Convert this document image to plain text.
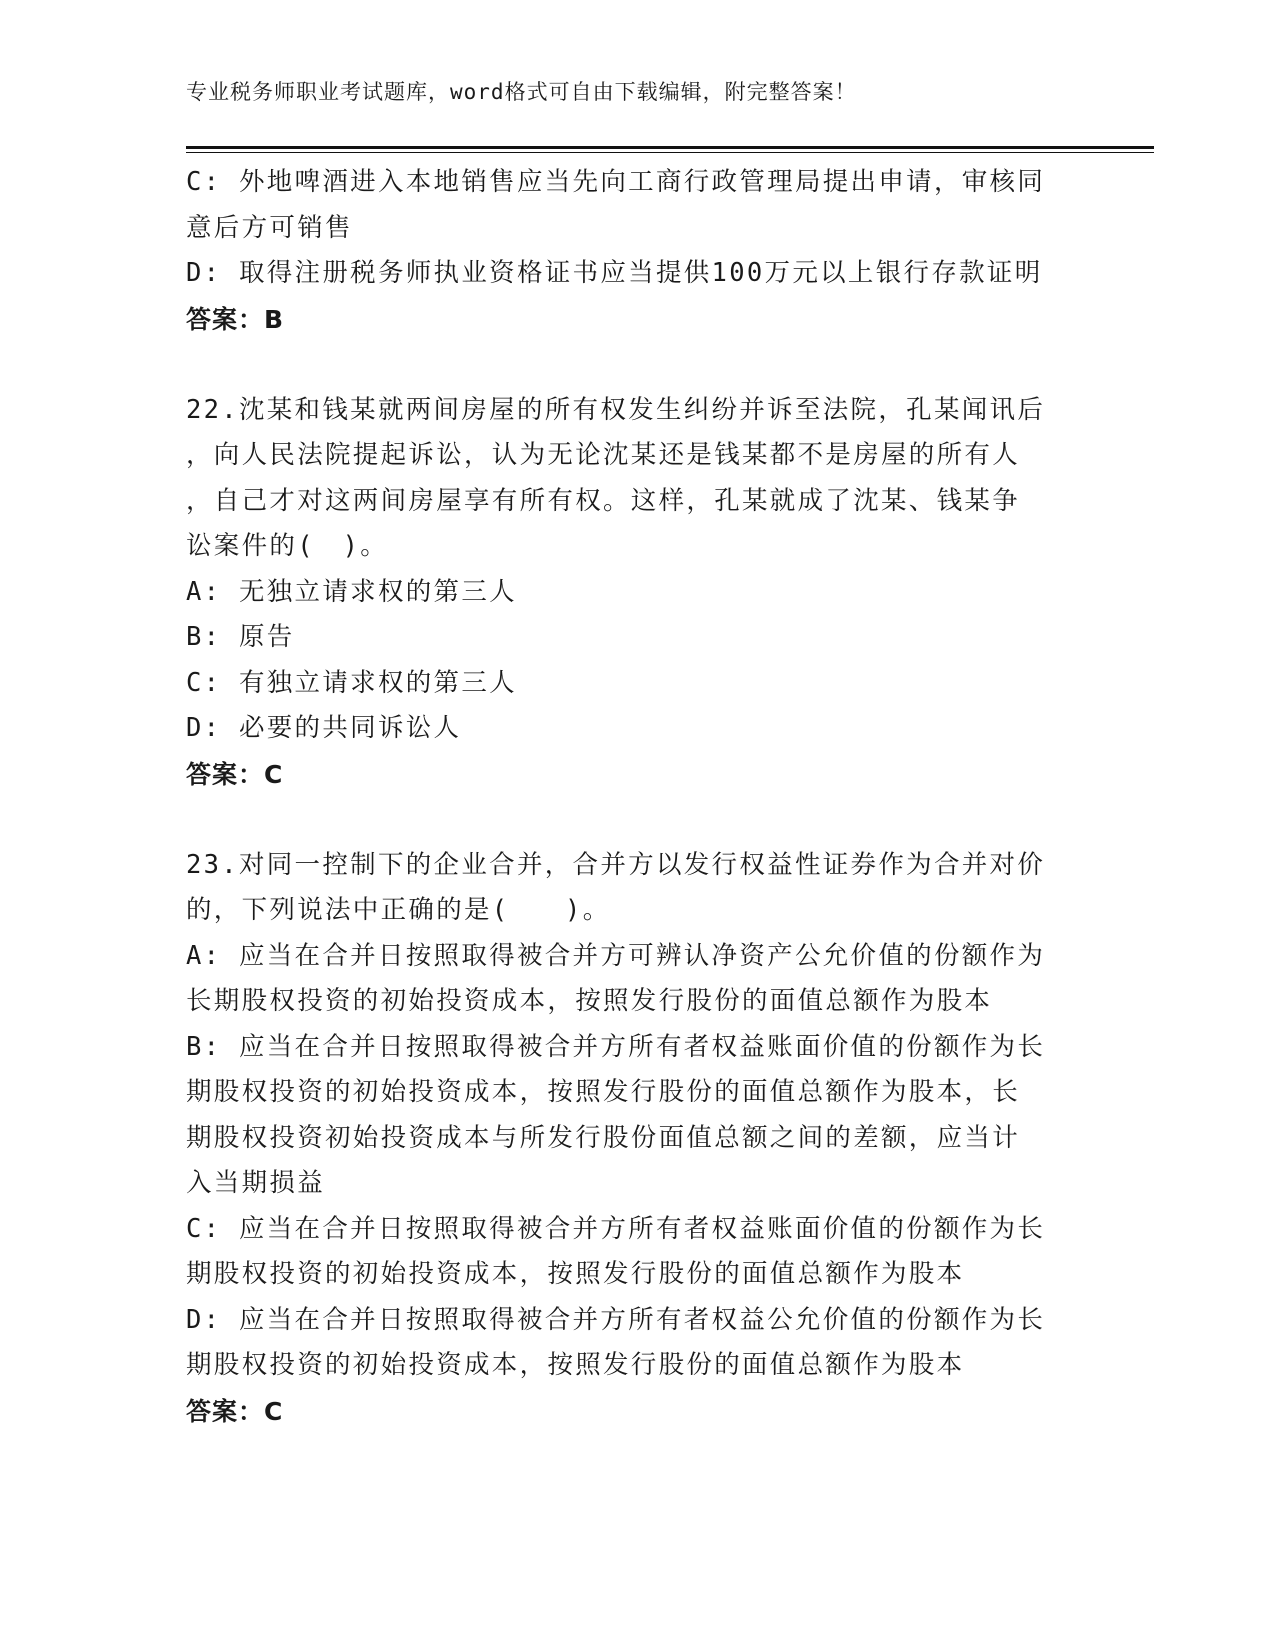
专业税务师职业考试题库，word格式可自由下载编辑，附完整答案！
C: 外地啤酒进入本地销售应当先向工商行政管理局提出申请，审核同
意后方可销售
D: 取得注册税务师执业资格证书应当提供100万元以上银行存款证明
答案：B
22.沈某和钱某就两间房屋的所有权发生纠纷并诉至法院，孔某闻讯后
，向人民法院提起诉讼，认为无论沈某还是钱某都不是房屋的所有人
，自己才对这两间房屋享有所有权。这样，孔某就成了沈某、钱某争
讼案件的(　)。
A: 无独立请求权的第三人
B: 原告
C: 有独立请求权的第三人
D: 必要的共同诉讼人
答案：C
23.对同一控制下的企业合并，合并方以发行权益性证券作为合并对价
的，下列说法中正确的是(　　)。
A: 应当在合并日按照取得被合并方可辨认净资产公允价值的份额作为
长期股权投资的初始投资成本，按照发行股份的面值总额作为股本
B: 应当在合并日按照取得被合并方所有者权益账面价值的份额作为长
期股权投资的初始投资成本，按照发行股份的面值总额作为股本，长
期股权投资初始投资成本与所发行股份面值总额之间的差额，应当计
入当期损益
C: 应当在合并日按照取得被合并方所有者权益账面价值的份额作为长
期股权投资的初始投资成本，按照发行股份的面值总额作为股本
D: 应当在合并日按照取得被合并方所有者权益公允价值的份额作为长
期股权投资的初始投资成本，按照发行股份的面值总额作为股本
答案：C
